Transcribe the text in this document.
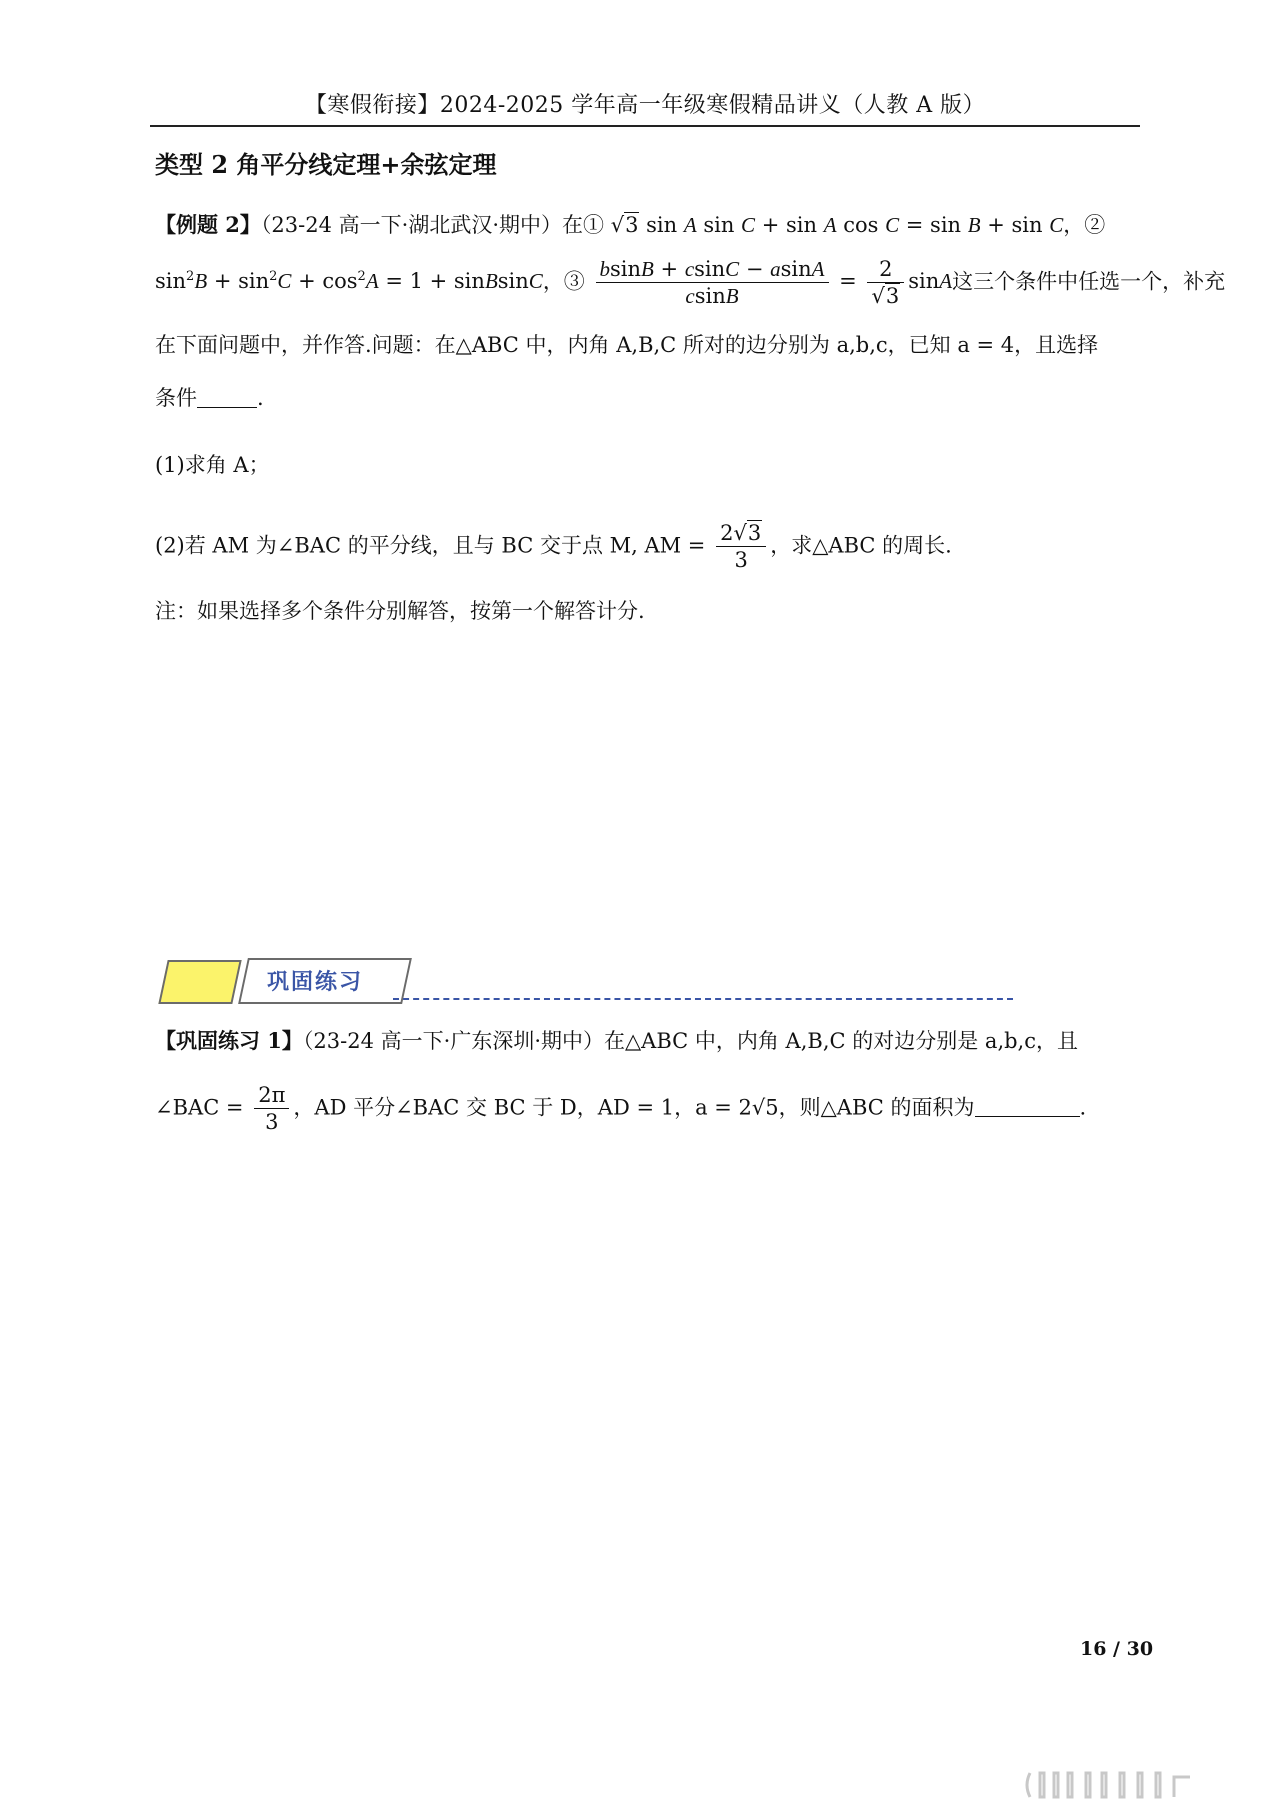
【寒假衔接】2024-2025 学年高一年级寒假精品讲义（人教 A 版）
类型 2 角平分线定理+余弦定理
【例题 2】（23-24 高一下·湖北武汉·期中）在① √3 sin A sin C + sin A cos C = sin B + sin C，②
$\sin^2B + \sin^2C + \cos^2A = 1$ + sinBsinC，③ $\frac{bsinB + csinC - asinA}{csinB} = \frac{2}{√3}$ sinA这三个条件中任选一个，补充
在下面问题中，并作答.问题：在△ABC 中，内角 A,B,C 所对的边分别为 a,b,c，已知 a = 4，且选择
条件	.
(1)求角 A；
(2)若 AM 为∠BAC 的平分线，且与 BC 交于点 M, AM = $\frac{2√3}{3}$ ，求△ABC 的周长.
注：如果选择多个条件分别解答，按第一个解答计分.
巩固练习
【巩固练习 1】（23-24 高一下·广东深圳·期中）在△ABC 中，内角 A,B,C 的对边分别是 a,b,c，且
∠BAC = $\frac{2\pi}{3}$ ，AD 平分∠BAC 交 BC 于 D，AD = 1，a = 2√5，则△ABC 的面积为	.
16 / 30
